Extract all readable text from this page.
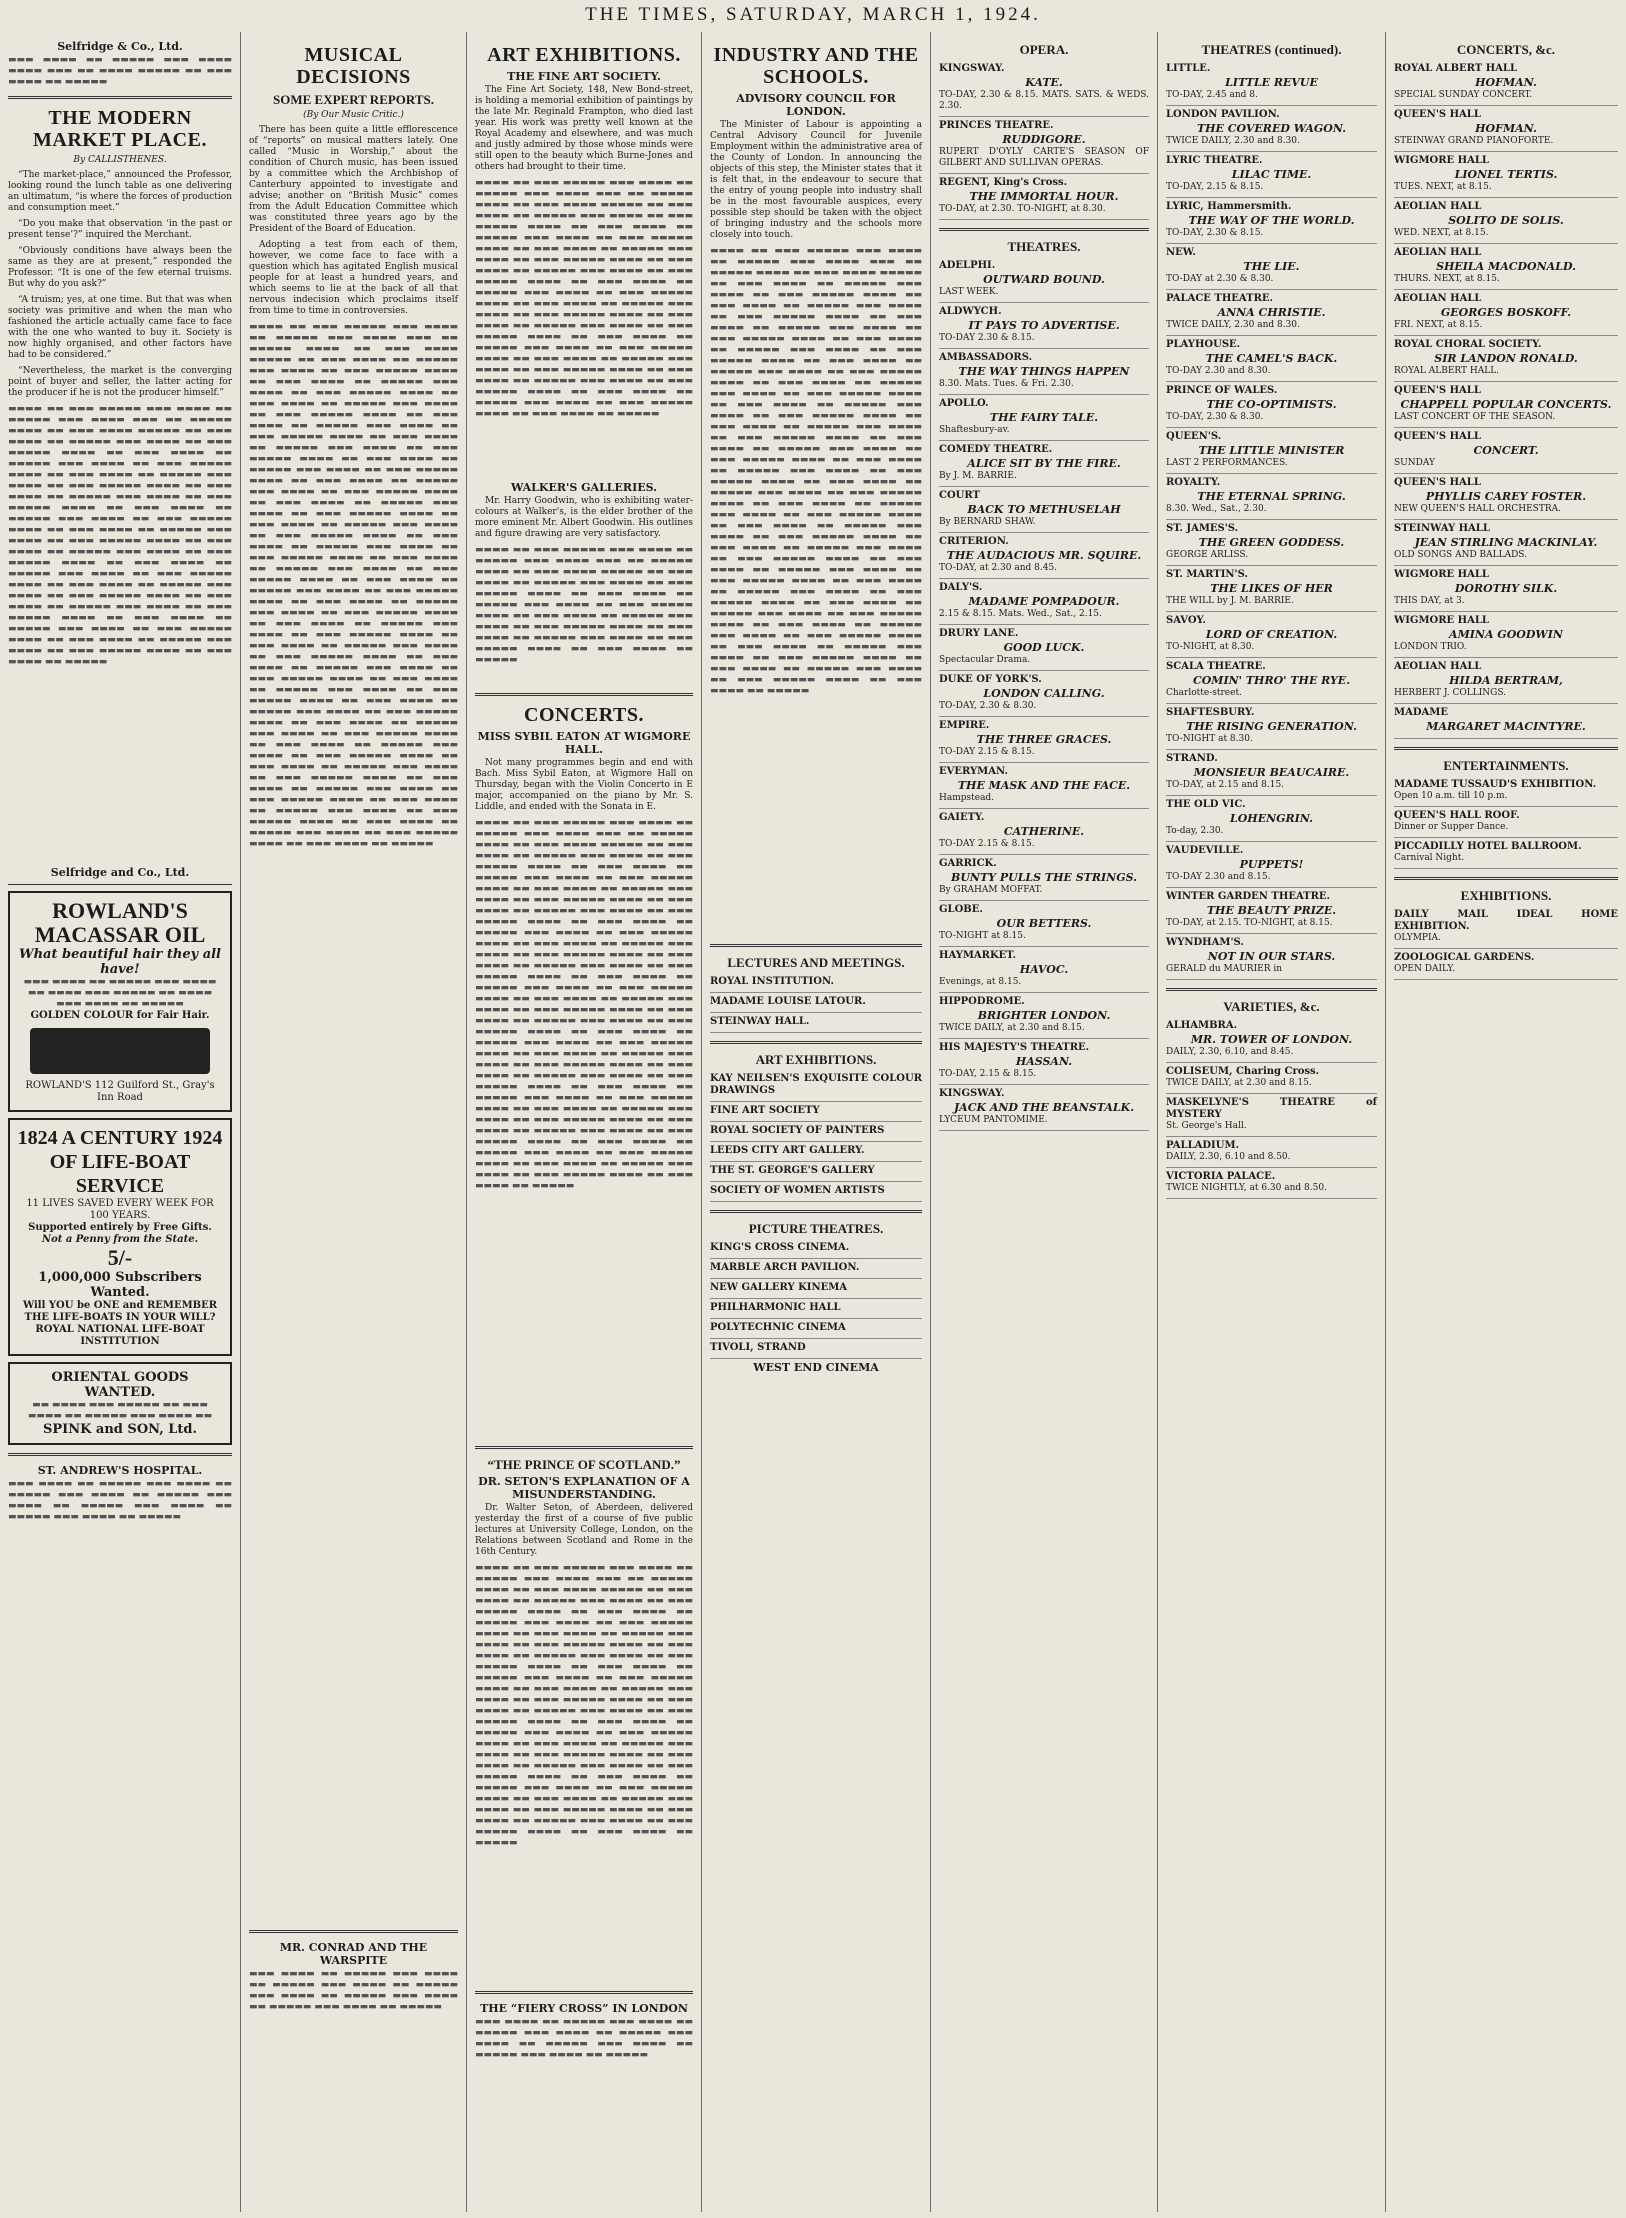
THE TIMES, SATURDAY, MARCH 1, 1924.
Selfridge & Co., Ltd.
▬▬▬ ▬▬▬▬ ▬▬ ▬▬▬▬▬ ▬▬▬ ▬▬▬▬ ▬▬▬▬ ▬▬▬ ▬▬ ▬▬▬▬ ▬▬▬▬▬ ▬▬ ▬▬▬ ▬▬▬▬ ▬▬ ▬▬▬▬▬
THE MODERN MARKET PLACE.
By CALLISTHENES.

“The market-place,” announced the Professor, looking round the lunch table as one delivering an ultimatum, “is where the forces of production and consumption meet.”

“Do you make that observation ‘in the past or present tense’?” inquired the Merchant.

“Obviously conditions have always been the same as they are at present,” responded the Professor. “It is one of the few eternal truisms. But why do you ask?”

“A truism; yes, at one time. But that was when society was primitive and when the man who fashioned the article actually came face to face with the one who wanted to buy it. Society is now highly organised, and other factors have had to be considered.”

“Nevertheless, the market is the converging point of buyer and seller, the latter acting for the producer if he is not the producer himself.”

▬▬▬▬ ▬▬ ▬▬▬ ▬▬▬▬▬ ▬▬▬ ▬▬▬▬ ▬▬ ▬▬▬▬▬ ▬▬▬ ▬▬▬▬ ▬▬▬ ▬▬ ▬▬▬▬▬ ▬▬▬▬ ▬▬ ▬▬▬ ▬▬▬▬ ▬▬▬▬▬ ▬▬ ▬▬▬ ▬▬▬▬ ▬▬ ▬▬▬▬▬ ▬▬▬ ▬▬▬▬ ▬▬ ▬▬▬ ▬▬▬▬▬ ▬▬▬▬ ▬▬ ▬▬▬ ▬▬▬▬ ▬▬ ▬▬▬▬▬ ▬▬▬ ▬▬▬▬ ▬▬ ▬▬▬ ▬▬▬▬▬ ▬▬▬▬ ▬▬ ▬▬▬ ▬▬▬▬ ▬▬ ▬▬▬▬▬ ▬▬▬ ▬▬▬▬ ▬▬ ▬▬▬ ▬▬▬▬▬ ▬▬▬▬ ▬▬ ▬▬▬ ▬▬▬▬ ▬▬ ▬▬▬▬▬ ▬▬▬ ▬▬▬▬ ▬▬ ▬▬▬ ▬▬▬▬▬ ▬▬▬▬ ▬▬ ▬▬▬ ▬▬▬▬ ▬▬ ▬▬▬▬▬ ▬▬▬ ▬▬▬▬ ▬▬ ▬▬▬ ▬▬▬▬▬ ▬▬▬▬ ▬▬ ▬▬▬ ▬▬▬▬ ▬▬ ▬▬▬▬▬ ▬▬▬ ▬▬▬▬ ▬▬ ▬▬▬ ▬▬▬▬▬ ▬▬▬▬ ▬▬ ▬▬▬ ▬▬▬▬ ▬▬ ▬▬▬▬▬ ▬▬▬ ▬▬▬▬ ▬▬ ▬▬▬ ▬▬▬▬▬ ▬▬▬▬ ▬▬ ▬▬▬ ▬▬▬▬ ▬▬ ▬▬▬▬▬ ▬▬▬ ▬▬▬▬ ▬▬ ▬▬▬ ▬▬▬▬▬ ▬▬▬▬ ▬▬ ▬▬▬ ▬▬▬▬ ▬▬ ▬▬▬▬▬ ▬▬▬ ▬▬▬▬ ▬▬ ▬▬▬ ▬▬▬▬▬ ▬▬▬▬ ▬▬ ▬▬▬ ▬▬▬▬ ▬▬ ▬▬▬▬▬ ▬▬▬ ▬▬▬▬ ▬▬ ▬▬▬ ▬▬▬▬▬ ▬▬▬▬ ▬▬ ▬▬▬ ▬▬▬▬ ▬▬ ▬▬▬▬▬ ▬▬▬ ▬▬▬▬ ▬▬ ▬▬▬ ▬▬▬▬▬ ▬▬▬▬ ▬▬ ▬▬▬ ▬▬▬▬ ▬▬ ▬▬▬▬▬ ▬▬▬ ▬▬▬▬ ▬▬ ▬▬▬ ▬▬▬▬▬ ▬▬▬▬ ▬▬ ▬▬▬ ▬▬▬▬ ▬▬ ▬▬▬▬▬
Selfridge and Co., Ltd.
ROWLAND'S MACASSAR OIL
What beautiful hair they all have!
▬▬▬ ▬▬▬▬ ▬▬ ▬▬▬▬▬ ▬▬▬ ▬▬▬▬ ▬▬ ▬▬▬▬ ▬▬▬ ▬▬▬▬▬ ▬▬ ▬▬▬▬ ▬▬▬ ▬▬▬▬ ▬▬ ▬▬▬▬▬
GOLDEN COLOUR for Fair Hair.
ROWLAND'S 112 Guilford St., Gray's Inn Road
1824 A CENTURY 1924 OF LIFE-BOAT SERVICE
11 LIVES SAVED EVERY WEEK FOR 100 YEARS.
Supported entirely by Free Gifts.
Not a Penny from the State.
5/-
1,000,000 Subscribers Wanted.
Will YOU be ONE and REMEMBER THE LIFE-BOATS IN YOUR WILL?
ROYAL NATIONAL LIFE-BOAT INSTITUTION
ORIENTAL GOODS WANTED.
▬▬ ▬▬▬▬ ▬▬▬ ▬▬▬▬▬ ▬▬ ▬▬▬ ▬▬▬▬ ▬▬ ▬▬▬▬▬ ▬▬▬ ▬▬▬▬ ▬▬
SPINK and SON, Ltd.
ST. ANDREW'S HOSPITAL.
▬▬▬ ▬▬▬▬ ▬▬ ▬▬▬▬▬ ▬▬▬ ▬▬▬▬ ▬▬ ▬▬▬▬▬ ▬▬▬ ▬▬▬▬ ▬▬ ▬▬▬▬▬ ▬▬▬ ▬▬▬▬ ▬▬ ▬▬▬▬▬ ▬▬▬ ▬▬▬▬ ▬▬ ▬▬▬▬▬ ▬▬▬ ▬▬▬▬ ▬▬ ▬▬▬▬▬
MUSICAL DECISIONS
SOME EXPERT REPORTS.
(By Our Music Critic.)

There has been quite a little efflorescence of “reports” on musical matters lately. One called “Music in Worship,” about the condition of Church music, has been issued by a committee which the Archbishop of Canterbury appointed to investigate and advise; another on “British Music” comes from the Adult Education Committee which was constituted three years ago by the President of the Board of Education.

Adopting a test from each of them, however, we come face to face with a question which has agitated English musical people for at least a hundred years, and which seems to lie at the back of all that nervous indecision which proclaims itself from time to time in controversies.

▬▬▬▬ ▬▬ ▬▬▬ ▬▬▬▬▬ ▬▬▬ ▬▬▬▬ ▬▬ ▬▬▬▬▬ ▬▬▬ ▬▬▬▬ ▬▬▬ ▬▬ ▬▬▬▬▬ ▬▬▬▬ ▬▬ ▬▬▬ ▬▬▬▬ ▬▬▬▬▬ ▬▬ ▬▬▬ ▬▬▬▬ ▬▬ ▬▬▬▬▬ ▬▬▬ ▬▬▬▬ ▬▬ ▬▬▬ ▬▬▬▬▬ ▬▬▬▬ ▬▬ ▬▬▬ ▬▬▬▬ ▬▬ ▬▬▬▬▬ ▬▬▬ ▬▬▬▬ ▬▬ ▬▬▬ ▬▬▬▬▬ ▬▬▬▬ ▬▬ ▬▬▬ ▬▬▬▬ ▬▬ ▬▬▬▬▬ ▬▬▬ ▬▬▬▬ ▬▬ ▬▬▬ ▬▬▬▬▬ ▬▬▬▬ ▬▬ ▬▬▬ ▬▬▬▬ ▬▬ ▬▬▬▬▬ ▬▬▬ ▬▬▬▬ ▬▬ ▬▬▬ ▬▬▬▬▬ ▬▬▬▬ ▬▬ ▬▬▬ ▬▬▬▬ ▬▬ ▬▬▬▬▬ ▬▬▬ ▬▬▬▬ ▬▬ ▬▬▬ ▬▬▬▬▬ ▬▬▬▬ ▬▬ ▬▬▬ ▬▬▬▬ ▬▬ ▬▬▬▬▬ ▬▬▬ ▬▬▬▬ ▬▬ ▬▬▬ ▬▬▬▬▬ ▬▬▬▬ ▬▬ ▬▬▬ ▬▬▬▬ ▬▬ ▬▬▬▬▬ ▬▬▬ ▬▬▬▬ ▬▬ ▬▬▬ ▬▬▬▬▬ ▬▬▬▬ ▬▬ ▬▬▬ ▬▬▬▬ ▬▬ ▬▬▬▬▬ ▬▬▬ ▬▬▬▬ ▬▬ ▬▬▬ ▬▬▬▬▬ ▬▬▬▬ ▬▬ ▬▬▬ ▬▬▬▬ ▬▬ ▬▬▬▬▬ ▬▬▬ ▬▬▬▬ ▬▬ ▬▬▬ ▬▬▬▬▬ ▬▬▬▬ ▬▬ ▬▬▬ ▬▬▬▬ ▬▬ ▬▬▬▬▬ ▬▬▬ ▬▬▬▬ ▬▬ ▬▬▬ ▬▬▬▬▬ ▬▬▬▬ ▬▬ ▬▬▬ ▬▬▬▬ ▬▬ ▬▬▬▬▬ ▬▬▬ ▬▬▬▬ ▬▬ ▬▬▬ ▬▬▬▬▬ ▬▬▬▬ ▬▬ ▬▬▬ ▬▬▬▬ ▬▬ ▬▬▬▬▬ ▬▬▬ ▬▬▬▬ ▬▬ ▬▬▬ ▬▬▬▬▬ ▬▬▬▬ ▬▬ ▬▬▬ ▬▬▬▬ ▬▬ ▬▬▬▬▬ ▬▬▬ ▬▬▬▬ ▬▬ ▬▬▬ ▬▬▬▬▬ ▬▬▬▬ ▬▬ ▬▬▬ ▬▬▬▬ ▬▬ ▬▬▬▬▬ ▬▬▬ ▬▬▬▬ ▬▬ ▬▬▬ ▬▬▬▬▬ ▬▬▬▬ ▬▬ ▬▬▬ ▬▬▬▬ ▬▬ ▬▬▬▬▬ ▬▬▬ ▬▬▬▬ ▬▬ ▬▬▬ ▬▬▬▬▬ ▬▬▬▬ ▬▬ ▬▬▬ ▬▬▬▬ ▬▬ ▬▬▬▬▬ ▬▬▬ ▬▬▬▬ ▬▬ ▬▬▬ ▬▬▬▬▬ ▬▬▬▬ ▬▬ ▬▬▬ ▬▬▬▬ ▬▬ ▬▬▬▬▬ ▬▬▬ ▬▬▬▬ ▬▬ ▬▬▬ ▬▬▬▬▬ ▬▬▬▬ ▬▬ ▬▬▬ ▬▬▬▬ ▬▬ ▬▬▬▬▬ ▬▬▬ ▬▬▬▬ ▬▬ ▬▬▬ ▬▬▬▬▬ ▬▬▬▬ ▬▬ ▬▬▬ ▬▬▬▬ ▬▬ ▬▬▬▬▬ ▬▬▬ ▬▬▬▬ ▬▬ ▬▬▬ ▬▬▬▬▬ ▬▬▬▬ ▬▬ ▬▬▬ ▬▬▬▬ ▬▬ ▬▬▬▬▬ ▬▬▬ ▬▬▬▬ ▬▬ ▬▬▬ ▬▬▬▬▬ ▬▬▬▬ ▬▬ ▬▬▬ ▬▬▬▬ ▬▬ ▬▬▬▬▬ ▬▬▬ ▬▬▬▬ ▬▬ ▬▬▬ ▬▬▬▬▬ ▬▬▬▬ ▬▬ ▬▬▬ ▬▬▬▬ ▬▬ ▬▬▬▬▬ ▬▬▬ ▬▬▬▬ ▬▬ ▬▬▬ ▬▬▬▬▬ ▬▬▬▬ ▬▬ ▬▬▬ ▬▬▬▬ ▬▬ ▬▬▬▬▬ ▬▬▬ ▬▬▬▬ ▬▬ ▬▬▬ ▬▬▬▬▬ ▬▬▬▬ ▬▬ ▬▬▬ ▬▬▬▬ ▬▬ ▬▬▬▬▬ ▬▬▬ ▬▬▬▬ ▬▬ ▬▬▬ ▬▬▬▬▬ ▬▬▬▬ ▬▬ ▬▬▬ ▬▬▬▬ ▬▬ ▬▬▬▬▬
MR. CONRAD AND THE WARSPITE
▬▬▬ ▬▬▬▬ ▬▬ ▬▬▬▬▬ ▬▬▬ ▬▬▬▬ ▬▬ ▬▬▬▬▬ ▬▬▬ ▬▬▬▬ ▬▬ ▬▬▬▬▬ ▬▬▬ ▬▬▬▬ ▬▬ ▬▬▬▬▬ ▬▬▬ ▬▬▬▬ ▬▬ ▬▬▬▬▬ ▬▬▬ ▬▬▬▬ ▬▬ ▬▬▬▬▬
ART EXHIBITIONS.
THE FINE ART SOCIETY.

The Fine Art Society, 148, New Bond-street, is holding a memorial exhibition of paintings by the late Mr. Reginald Frampton, who died last year. His work was pretty well known at the Royal Academy and elsewhere, and was much and justly admired by those whose minds were still open to the beauty which Burne-Jones and others had brought to their time.

▬▬▬▬ ▬▬ ▬▬▬ ▬▬▬▬▬ ▬▬▬ ▬▬▬▬ ▬▬ ▬▬▬▬▬ ▬▬▬ ▬▬▬▬ ▬▬▬ ▬▬ ▬▬▬▬▬ ▬▬▬▬ ▬▬ ▬▬▬ ▬▬▬▬ ▬▬▬▬▬ ▬▬ ▬▬▬ ▬▬▬▬ ▬▬ ▬▬▬▬▬ ▬▬▬ ▬▬▬▬ ▬▬ ▬▬▬ ▬▬▬▬▬ ▬▬▬▬ ▬▬ ▬▬▬ ▬▬▬▬ ▬▬ ▬▬▬▬▬ ▬▬▬ ▬▬▬▬ ▬▬ ▬▬▬ ▬▬▬▬▬ ▬▬▬▬ ▬▬ ▬▬▬ ▬▬▬▬ ▬▬ ▬▬▬▬▬ ▬▬▬ ▬▬▬▬ ▬▬ ▬▬▬ ▬▬▬▬▬ ▬▬▬▬ ▬▬ ▬▬▬ ▬▬▬▬ ▬▬ ▬▬▬▬▬ ▬▬▬ ▬▬▬▬ ▬▬ ▬▬▬ ▬▬▬▬▬ ▬▬▬▬ ▬▬ ▬▬▬ ▬▬▬▬ ▬▬ ▬▬▬▬▬ ▬▬▬ ▬▬▬▬ ▬▬ ▬▬▬ ▬▬▬▬▬ ▬▬▬▬ ▬▬ ▬▬▬ ▬▬▬▬ ▬▬ ▬▬▬▬▬ ▬▬▬ ▬▬▬▬ ▬▬ ▬▬▬ ▬▬▬▬▬ ▬▬▬▬ ▬▬ ▬▬▬ ▬▬▬▬ ▬▬ ▬▬▬▬▬ ▬▬▬ ▬▬▬▬ ▬▬ ▬▬▬ ▬▬▬▬▬ ▬▬▬▬ ▬▬ ▬▬▬ ▬▬▬▬ ▬▬ ▬▬▬▬▬ ▬▬▬ ▬▬▬▬ ▬▬ ▬▬▬ ▬▬▬▬▬ ▬▬▬▬ ▬▬ ▬▬▬ ▬▬▬▬ ▬▬ ▬▬▬▬▬ ▬▬▬ ▬▬▬▬ ▬▬ ▬▬▬ ▬▬▬▬▬ ▬▬▬▬ ▬▬ ▬▬▬ ▬▬▬▬ ▬▬ ▬▬▬▬▬ ▬▬▬ ▬▬▬▬ ▬▬ ▬▬▬ ▬▬▬▬▬ ▬▬▬▬ ▬▬ ▬▬▬ ▬▬▬▬ ▬▬ ▬▬▬▬▬ ▬▬▬ ▬▬▬▬ ▬▬ ▬▬▬ ▬▬▬▬▬ ▬▬▬▬ ▬▬ ▬▬▬ ▬▬▬▬ ▬▬ ▬▬▬▬▬
WALKER'S GALLERIES.

Mr. Harry Goodwin, who is exhibiting water-colours at Walker's, is the elder brother of the more eminent Mr. Albert Goodwin. His outlines and figure drawing are very satisfactory.

▬▬▬▬ ▬▬ ▬▬▬ ▬▬▬▬▬ ▬▬▬ ▬▬▬▬ ▬▬ ▬▬▬▬▬ ▬▬▬ ▬▬▬▬ ▬▬▬ ▬▬ ▬▬▬▬▬ ▬▬▬▬ ▬▬ ▬▬▬ ▬▬▬▬ ▬▬▬▬▬ ▬▬ ▬▬▬ ▬▬▬▬ ▬▬ ▬▬▬▬▬ ▬▬▬ ▬▬▬▬ ▬▬ ▬▬▬ ▬▬▬▬▬ ▬▬▬▬ ▬▬ ▬▬▬ ▬▬▬▬ ▬▬ ▬▬▬▬▬ ▬▬▬ ▬▬▬▬ ▬▬ ▬▬▬ ▬▬▬▬▬ ▬▬▬▬ ▬▬ ▬▬▬ ▬▬▬▬ ▬▬ ▬▬▬▬▬ ▬▬▬ ▬▬▬▬ ▬▬ ▬▬▬ ▬▬▬▬▬ ▬▬▬▬ ▬▬ ▬▬▬ ▬▬▬▬ ▬▬ ▬▬▬▬▬ ▬▬▬ ▬▬▬▬ ▬▬ ▬▬▬ ▬▬▬▬▬ ▬▬▬▬ ▬▬ ▬▬▬ ▬▬▬▬ ▬▬ ▬▬▬▬▬
CONCERTS.
MISS SYBIL EATON AT WIGMORE HALL.

Not many programmes begin and end with Bach. Miss Sybil Eaton, at Wigmore Hall on Thursday, began with the Violin Concerto in E major, accompanied on the piano by Mr. S. Liddle, and ended with the Sonata in E.

▬▬▬▬ ▬▬ ▬▬▬ ▬▬▬▬▬ ▬▬▬ ▬▬▬▬ ▬▬ ▬▬▬▬▬ ▬▬▬ ▬▬▬▬ ▬▬▬ ▬▬ ▬▬▬▬▬ ▬▬▬▬ ▬▬ ▬▬▬ ▬▬▬▬ ▬▬▬▬▬ ▬▬ ▬▬▬ ▬▬▬▬ ▬▬ ▬▬▬▬▬ ▬▬▬ ▬▬▬▬ ▬▬ ▬▬▬ ▬▬▬▬▬ ▬▬▬▬ ▬▬ ▬▬▬ ▬▬▬▬ ▬▬ ▬▬▬▬▬ ▬▬▬ ▬▬▬▬ ▬▬ ▬▬▬ ▬▬▬▬▬ ▬▬▬▬ ▬▬ ▬▬▬ ▬▬▬▬ ▬▬ ▬▬▬▬▬ ▬▬▬ ▬▬▬▬ ▬▬ ▬▬▬ ▬▬▬▬▬ ▬▬▬▬ ▬▬ ▬▬▬ ▬▬▬▬ ▬▬ ▬▬▬▬▬ ▬▬▬ ▬▬▬▬ ▬▬ ▬▬▬ ▬▬▬▬▬ ▬▬▬▬ ▬▬ ▬▬▬ ▬▬▬▬ ▬▬ ▬▬▬▬▬ ▬▬▬ ▬▬▬▬ ▬▬ ▬▬▬ ▬▬▬▬▬ ▬▬▬▬ ▬▬ ▬▬▬ ▬▬▬▬ ▬▬ ▬▬▬▬▬ ▬▬▬ ▬▬▬▬ ▬▬ ▬▬▬ ▬▬▬▬▬ ▬▬▬▬ ▬▬ ▬▬▬ ▬▬▬▬ ▬▬ ▬▬▬▬▬ ▬▬▬ ▬▬▬▬ ▬▬ ▬▬▬ ▬▬▬▬▬ ▬▬▬▬ ▬▬ ▬▬▬ ▬▬▬▬ ▬▬ ▬▬▬▬▬ ▬▬▬ ▬▬▬▬ ▬▬ ▬▬▬ ▬▬▬▬▬ ▬▬▬▬ ▬▬ ▬▬▬ ▬▬▬▬ ▬▬ ▬▬▬▬▬ ▬▬▬ ▬▬▬▬ ▬▬ ▬▬▬ ▬▬▬▬▬ ▬▬▬▬ ▬▬ ▬▬▬ ▬▬▬▬ ▬▬ ▬▬▬▬▬ ▬▬▬ ▬▬▬▬ ▬▬ ▬▬▬ ▬▬▬▬▬ ▬▬▬▬ ▬▬ ▬▬▬ ▬▬▬▬ ▬▬ ▬▬▬▬▬ ▬▬▬ ▬▬▬▬ ▬▬ ▬▬▬ ▬▬▬▬▬ ▬▬▬▬ ▬▬ ▬▬▬ ▬▬▬▬ ▬▬ ▬▬▬▬▬ ▬▬▬ ▬▬▬▬ ▬▬ ▬▬▬ ▬▬▬▬▬ ▬▬▬▬ ▬▬ ▬▬▬ ▬▬▬▬ ▬▬ ▬▬▬▬▬ ▬▬▬ ▬▬▬▬ ▬▬ ▬▬▬ ▬▬▬▬▬ ▬▬▬▬ ▬▬ ▬▬▬ ▬▬▬▬ ▬▬ ▬▬▬▬▬ ▬▬▬ ▬▬▬▬ ▬▬ ▬▬▬ ▬▬▬▬▬ ▬▬▬▬ ▬▬ ▬▬▬ ▬▬▬▬ ▬▬ ▬▬▬▬▬ ▬▬▬ ▬▬▬▬ ▬▬ ▬▬▬ ▬▬▬▬▬ ▬▬▬▬ ▬▬ ▬▬▬ ▬▬▬▬ ▬▬ ▬▬▬▬▬ ▬▬▬ ▬▬▬▬ ▬▬ ▬▬▬ ▬▬▬▬▬ ▬▬▬▬ ▬▬ ▬▬▬ ▬▬▬▬ ▬▬ ▬▬▬▬▬ ▬▬▬ ▬▬▬▬ ▬▬ ▬▬▬ ▬▬▬▬▬ ▬▬▬▬ ▬▬ ▬▬▬ ▬▬▬▬ ▬▬ ▬▬▬▬▬ ▬▬▬ ▬▬▬▬ ▬▬ ▬▬▬ ▬▬▬▬▬ ▬▬▬▬ ▬▬ ▬▬▬ ▬▬▬▬ ▬▬ ▬▬▬▬▬
“THE PRINCE OF SCOTLAND.”
DR. SETON'S EXPLANATION OF A MISUNDERSTANDING.

Dr. Walter Seton, of Aberdeen, delivered yesterday the first of a course of five public lectures at University College, London, on the Relations between Scotland and Rome in the 16th Century.

▬▬▬▬ ▬▬ ▬▬▬ ▬▬▬▬▬ ▬▬▬ ▬▬▬▬ ▬▬ ▬▬▬▬▬ ▬▬▬ ▬▬▬▬ ▬▬▬ ▬▬ ▬▬▬▬▬ ▬▬▬▬ ▬▬ ▬▬▬ ▬▬▬▬ ▬▬▬▬▬ ▬▬ ▬▬▬ ▬▬▬▬ ▬▬ ▬▬▬▬▬ ▬▬▬ ▬▬▬▬ ▬▬ ▬▬▬ ▬▬▬▬▬ ▬▬▬▬ ▬▬ ▬▬▬ ▬▬▬▬ ▬▬ ▬▬▬▬▬ ▬▬▬ ▬▬▬▬ ▬▬ ▬▬▬ ▬▬▬▬▬ ▬▬▬▬ ▬▬ ▬▬▬ ▬▬▬▬ ▬▬ ▬▬▬▬▬ ▬▬▬ ▬▬▬▬ ▬▬ ▬▬▬ ▬▬▬▬▬ ▬▬▬▬ ▬▬ ▬▬▬ ▬▬▬▬ ▬▬ ▬▬▬▬▬ ▬▬▬ ▬▬▬▬ ▬▬ ▬▬▬ ▬▬▬▬▬ ▬▬▬▬ ▬▬ ▬▬▬ ▬▬▬▬ ▬▬ ▬▬▬▬▬ ▬▬▬ ▬▬▬▬ ▬▬ ▬▬▬ ▬▬▬▬▬ ▬▬▬▬ ▬▬ ▬▬▬ ▬▬▬▬ ▬▬ ▬▬▬▬▬ ▬▬▬ ▬▬▬▬ ▬▬ ▬▬▬ ▬▬▬▬▬ ▬▬▬▬ ▬▬ ▬▬▬ ▬▬▬▬ ▬▬ ▬▬▬▬▬ ▬▬▬ ▬▬▬▬ ▬▬ ▬▬▬ ▬▬▬▬▬ ▬▬▬▬ ▬▬ ▬▬▬ ▬▬▬▬ ▬▬ ▬▬▬▬▬ ▬▬▬ ▬▬▬▬ ▬▬ ▬▬▬ ▬▬▬▬▬ ▬▬▬▬ ▬▬ ▬▬▬ ▬▬▬▬ ▬▬ ▬▬▬▬▬ ▬▬▬ ▬▬▬▬ ▬▬ ▬▬▬ ▬▬▬▬▬ ▬▬▬▬ ▬▬ ▬▬▬ ▬▬▬▬ ▬▬ ▬▬▬▬▬ ▬▬▬ ▬▬▬▬ ▬▬ ▬▬▬ ▬▬▬▬▬ ▬▬▬▬ ▬▬ ▬▬▬ ▬▬▬▬ ▬▬ ▬▬▬▬▬ ▬▬▬ ▬▬▬▬ ▬▬ ▬▬▬ ▬▬▬▬▬ ▬▬▬▬ ▬▬ ▬▬▬ ▬▬▬▬ ▬▬ ▬▬▬▬▬ ▬▬▬ ▬▬▬▬ ▬▬ ▬▬▬ ▬▬▬▬▬ ▬▬▬▬ ▬▬ ▬▬▬ ▬▬▬▬ ▬▬ ▬▬▬▬▬ ▬▬▬ ▬▬▬▬ ▬▬ ▬▬▬ ▬▬▬▬▬ ▬▬▬▬ ▬▬ ▬▬▬ ▬▬▬▬ ▬▬ ▬▬▬▬▬
THE “FIERY CROSS” IN LONDON
▬▬▬ ▬▬▬▬ ▬▬ ▬▬▬▬▬ ▬▬▬ ▬▬▬▬ ▬▬ ▬▬▬▬▬ ▬▬▬ ▬▬▬▬ ▬▬ ▬▬▬▬▬ ▬▬▬ ▬▬▬▬ ▬▬ ▬▬▬▬▬ ▬▬▬ ▬▬▬▬ ▬▬ ▬▬▬▬▬ ▬▬▬ ▬▬▬▬ ▬▬ ▬▬▬▬▬
INDUSTRY AND THE SCHOOLS.
ADVISORY COUNCIL FOR LONDON.

The Minister of Labour is appointing a Central Advisory Council for Juvenile Employment within the administrative area of the County of London. In announcing the objects of this step, the Minister states that it is felt that, in the endeavour to secure that the entry of young people into industry shall be in the most favourable auspices, every possible step should be taken with the object of bringing industry and the schools more closely into touch.

▬▬▬▬ ▬▬ ▬▬▬ ▬▬▬▬▬ ▬▬▬ ▬▬▬▬ ▬▬ ▬▬▬▬▬ ▬▬▬ ▬▬▬▬ ▬▬▬ ▬▬ ▬▬▬▬▬ ▬▬▬▬ ▬▬ ▬▬▬ ▬▬▬▬ ▬▬▬▬▬ ▬▬ ▬▬▬ ▬▬▬▬ ▬▬ ▬▬▬▬▬ ▬▬▬ ▬▬▬▬ ▬▬ ▬▬▬ ▬▬▬▬▬ ▬▬▬▬ ▬▬ ▬▬▬ ▬▬▬▬ ▬▬ ▬▬▬▬▬ ▬▬▬ ▬▬▬▬ ▬▬ ▬▬▬ ▬▬▬▬▬ ▬▬▬▬ ▬▬ ▬▬▬ ▬▬▬▬ ▬▬ ▬▬▬▬▬ ▬▬▬ ▬▬▬▬ ▬▬ ▬▬▬ ▬▬▬▬▬ ▬▬▬▬ ▬▬ ▬▬▬ ▬▬▬▬ ▬▬ ▬▬▬▬▬ ▬▬▬ ▬▬▬▬ ▬▬ ▬▬▬ ▬▬▬▬▬ ▬▬▬▬ ▬▬ ▬▬▬ ▬▬▬▬ ▬▬ ▬▬▬▬▬ ▬▬▬ ▬▬▬▬ ▬▬ ▬▬▬ ▬▬▬▬▬ ▬▬▬▬ ▬▬ ▬▬▬ ▬▬▬▬ ▬▬ ▬▬▬▬▬ ▬▬▬ ▬▬▬▬ ▬▬ ▬▬▬ ▬▬▬▬▬ ▬▬▬▬ ▬▬ ▬▬▬ ▬▬▬▬ ▬▬ ▬▬▬▬▬ ▬▬▬ ▬▬▬▬ ▬▬ ▬▬▬ ▬▬▬▬▬ ▬▬▬▬ ▬▬ ▬▬▬ ▬▬▬▬ ▬▬ ▬▬▬▬▬ ▬▬▬ ▬▬▬▬ ▬▬ ▬▬▬ ▬▬▬▬▬ ▬▬▬▬ ▬▬ ▬▬▬ ▬▬▬▬ ▬▬ ▬▬▬▬▬ ▬▬▬ ▬▬▬▬ ▬▬ ▬▬▬ ▬▬▬▬▬ ▬▬▬▬ ▬▬ ▬▬▬ ▬▬▬▬ ▬▬ ▬▬▬▬▬ ▬▬▬ ▬▬▬▬ ▬▬ ▬▬▬ ▬▬▬▬▬ ▬▬▬▬ ▬▬ ▬▬▬ ▬▬▬▬ ▬▬ ▬▬▬▬▬ ▬▬▬ ▬▬▬▬ ▬▬ ▬▬▬ ▬▬▬▬▬ ▬▬▬▬ ▬▬ ▬▬▬ ▬▬▬▬ ▬▬ ▬▬▬▬▬ ▬▬▬ ▬▬▬▬ ▬▬ ▬▬▬ ▬▬▬▬▬ ▬▬▬▬ ▬▬ ▬▬▬ ▬▬▬▬ ▬▬ ▬▬▬▬▬ ▬▬▬ ▬▬▬▬ ▬▬ ▬▬▬ ▬▬▬▬▬ ▬▬▬▬ ▬▬ ▬▬▬ ▬▬▬▬ ▬▬ ▬▬▬▬▬ ▬▬▬ ▬▬▬▬ ▬▬ ▬▬▬ ▬▬▬▬▬ ▬▬▬▬ ▬▬ ▬▬▬ ▬▬▬▬ ▬▬ ▬▬▬▬▬ ▬▬▬ ▬▬▬▬ ▬▬ ▬▬▬ ▬▬▬▬▬ ▬▬▬▬ ▬▬ ▬▬▬ ▬▬▬▬ ▬▬ ▬▬▬▬▬ ▬▬▬ ▬▬▬▬ ▬▬ ▬▬▬ ▬▬▬▬▬ ▬▬▬▬ ▬▬ ▬▬▬ ▬▬▬▬ ▬▬ ▬▬▬▬▬ ▬▬▬ ▬▬▬▬ ▬▬ ▬▬▬ ▬▬▬▬▬ ▬▬▬▬ ▬▬ ▬▬▬ ▬▬▬▬ ▬▬ ▬▬▬▬▬ ▬▬▬ ▬▬▬▬ ▬▬ ▬▬▬ ▬▬▬▬▬ ▬▬▬▬ ▬▬ ▬▬▬ ▬▬▬▬ ▬▬ ▬▬▬▬▬ ▬▬▬ ▬▬▬▬ ▬▬ ▬▬▬ ▬▬▬▬▬ ▬▬▬▬ ▬▬ ▬▬▬ ▬▬▬▬ ▬▬ ▬▬▬▬▬ ▬▬▬ ▬▬▬▬ ▬▬ ▬▬▬ ▬▬▬▬▬ ▬▬▬▬ ▬▬ ▬▬▬ ▬▬▬▬ ▬▬ ▬▬▬▬▬
LECTURES AND MEETINGS.
ROYAL INSTITUTION.
MADAME LOUISE LATOUR.
STEINWAY HALL.
ART EXHIBITIONS.
KAY NEILSEN'S EXQUISITE COLOUR DRAWINGS
FINE ART SOCIETY
ROYAL SOCIETY OF PAINTERS
LEEDS CITY ART GALLERY.
THE ST. GEORGE'S GALLERY
SOCIETY OF WOMEN ARTISTS
PICTURE THEATRES.
KING'S CROSS CINEMA.
MARBLE ARCH PAVILION.
NEW GALLERY KINEMA
PHILHARMONIC HALL
POLYTECHNIC CINEMA
TIVOLI, STRAND
WEST END CINEMA
OPERA.
KINGSWAY.
KATE.
TO-DAY, 2.30 & 8.15. MATS. SATS. & WEDS. 2.30.
PRINCES THEATRE.
RUDDIGORE.
RUPERT D'OYLY CARTE'S SEASON OF GILBERT AND SULLIVAN OPERAS.
REGENT, King's Cross.
THE IMMORTAL HOUR.
TO-DAY, at 2.30. TO-NIGHT, at 8.30.
THEATRES.
ADELPHI.
OUTWARD BOUND.
LAST WEEK.
ALDWYCH.
IT PAYS TO ADVERTISE.
TO-DAY 2.30 & 8.15.
AMBASSADORS.
THE WAY THINGS HAPPEN
8.30. Mats. Tues. & Fri. 2.30.
APOLLO.
THE FAIRY TALE.
Shaftesbury-av.
COMEDY THEATRE.
ALICE SIT BY THE FIRE.
By J. M. BARRIE.
COURT
BACK TO METHUSELAH
By BERNARD SHAW.
CRITERION.
THE AUDACIOUS MR. SQUIRE.
TO-DAY, at 2.30 and 8.45.
DALY'S.
MADAME POMPADOUR.
2.15 & 8.15. Mats. Wed., Sat., 2.15.
DRURY LANE.
GOOD LUCK.
Spectacular Drama.
DUKE OF YORK'S.
LONDON CALLING.
TO-DAY, 2.30 & 8.30.
EMPIRE.
THE THREE GRACES.
TO-DAY 2.15 & 8.15.
EVERYMAN.
THE MASK AND THE FACE.
Hampstead.
GAIETY.
CATHERINE.
TO-DAY 2.15 & 8.15.
GARRICK.
BUNTY PULLS THE STRINGS.
By GRAHAM MOFFAT.
GLOBE.
OUR BETTERS.
TO-NIGHT at 8.15.
HAYMARKET.
HAVOC.
Evenings, at 8.15.
HIPPODROME.
BRIGHTER LONDON.
TWICE DAILY, at 2.30 and 8.15.
HIS MAJESTY'S THEATRE.
HASSAN.
TO-DAY, 2.15 & 8.15.
KINGSWAY.
JACK AND THE BEANSTALK.
LYCEUM PANTOMIME.
THEATRES (continued).
LITTLE.
LITTLE REVUE
TO-DAY, 2.45 and 8.
LONDON PAVILION.
THE COVERED WAGON.
TWICE DAILY, 2.30 and 8.30.
LYRIC THEATRE.
LILAC TIME.
TO-DAY, 2.15 & 8.15.
LYRIC, Hammersmith.
THE WAY OF THE WORLD.
TO-DAY, 2.30 & 8.15.
NEW.
THE LIE.
TO-DAY at 2.30 & 8.30.
PALACE THEATRE.
ANNA CHRISTIE.
TWICE DAILY, 2.30 and 8.30.
PLAYHOUSE.
THE CAMEL'S BACK.
TO-DAY 2.30 and 8.30.
PRINCE OF WALES.
THE CO-OPTIMISTS.
TO-DAY, 2.30 & 8.30.
QUEEN'S.
THE LITTLE MINISTER
LAST 2 PERFORMANCES.
ROYALTY.
THE ETERNAL SPRING.
8.30. Wed., Sat., 2.30.
ST. JAMES'S.
THE GREEN GODDESS.
GEORGE ARLISS.
ST. MARTIN'S.
THE LIKES OF HER
THE WILL by J. M. BARRIE.
SAVOY.
LORD OF CREATION.
TO-NIGHT, at 8.30.
SCALA THEATRE.
COMIN' THRO' THE RYE.
Charlotte-street.
SHAFTESBURY.
THE RISING GENERATION.
TO-NIGHT at 8.30.
STRAND.
MONSIEUR BEAUCAIRE.
TO-DAY, at 2.15 and 8.15.
THE OLD VIC.
LOHENGRIN.
To-day, 2.30.
VAUDEVILLE.
PUPPETS!
TO-DAY 2.30 and 8.15.
WINTER GARDEN THEATRE.
THE BEAUTY PRIZE.
TO-DAY, at 2.15. TO-NIGHT, at 8.15.
WYNDHAM'S.
NOT IN OUR STARS.
GERALD du MAURIER in
VARIETIES, &c.
ALHAMBRA.
MR. TOWER OF LONDON.
DAILY, 2.30, 6.10, and 8.45.
COLISEUM, Charing Cross.
TWICE DAILY, at 2.30 and 8.15.
MASKELYNE'S THEATRE of MYSTERY
St. George's Hall.
PALLADIUM.
DAILY, 2.30, 6.10 and 8.50.
VICTORIA PALACE.
TWICE NIGHTLY, at 6.30 and 8.50.
CONCERTS, &c.
ROYAL ALBERT HALL
HOFMAN.
SPECIAL SUNDAY CONCERT.
QUEEN'S HALL
HOFMAN.
STEINWAY GRAND PIANOFORTE.
WIGMORE HALL
LIONEL TERTIS.
TUES. NEXT, at 8.15.
AEOLIAN HALL
SOLITO DE SOLIS.
WED. NEXT, at 8.15.
AEOLIAN HALL
SHEILA MACDONALD.
THURS. NEXT, at 8.15.
AEOLIAN HALL
GEORGES BOSKOFF.
FRI. NEXT, at 8.15.
ROYAL CHORAL SOCIETY.
SIR LANDON RONALD.
ROYAL ALBERT HALL.
QUEEN'S HALL
CHAPPELL POPULAR CONCERTS.
LAST CONCERT OF THE SEASON.
QUEEN'S HALL
CONCERT.
SUNDAY
QUEEN'S HALL
PHYLLIS CAREY FOSTER.
NEW QUEEN'S HALL ORCHESTRA.
STEINWAY HALL
JEAN STIRLING MACKINLAY.
OLD SONGS AND BALLADS.
WIGMORE HALL
DOROTHY SILK.
THIS DAY, at 3.
WIGMORE HALL
AMINA GOODWIN
LONDON TRIO.
AEOLIAN HALL
HILDA BERTRAM,
HERBERT J. COLLINGS.
MADAME
MARGARET MACINTYRE.
ENTERTAINMENTS.
MADAME TUSSAUD'S EXHIBITION.
Open 10 a.m. till 10 p.m.
QUEEN'S HALL ROOF.
Dinner or Supper Dance.
PICCADILLY HOTEL BALLROOM.
Carnival Night.
EXHIBITIONS.
DAILY MAIL IDEAL HOME EXHIBITION.
OLYMPIA.
ZOOLOGICAL GARDENS.
OPEN DAILY.
